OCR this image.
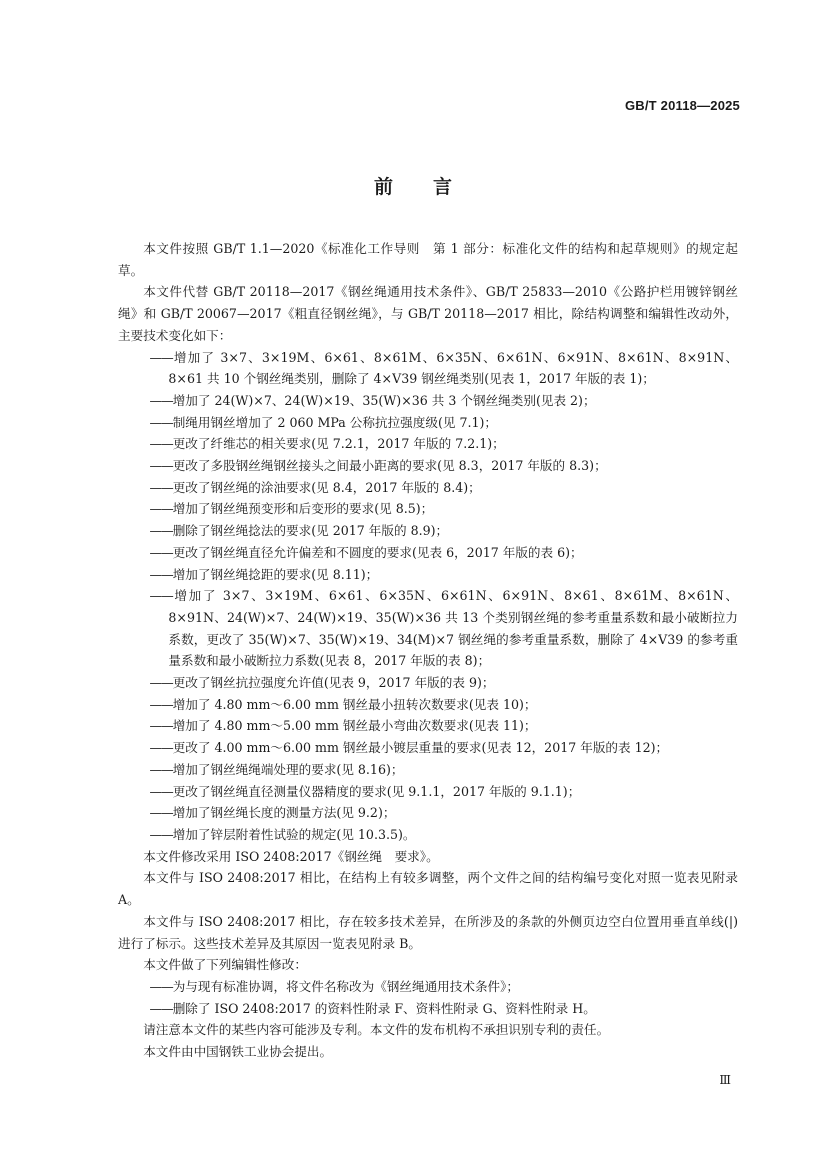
GB/T 20118—2025
前言

本文件按照 GB/T 1.1—2020《标准化工作导则　第 1 部分：标准化文件的结构和起草规则》的规定起草。

本文件代替 GB/T 20118—2017《钢丝绳通用技术条件》、GB/T 25833—2010《公路护栏用镀锌钢丝绳》和 GB/T 20067—2017《粗直径钢丝绳》，与 GB/T 20118—2017 相比，除结构调整和编辑性改动外，主要技术变化如下：

——增加了 3×7、3×19M、6×61、8×61M、6×35N、6×61N、6×91N、8×61N、8×91N、8×61 共 10 个钢丝绳类别，删除了 4×V39 钢丝绳类别(见表 1，2017 年版的表 1)；

——增加了 24(W)×7、24(W)×19、35(W)×36 共 3 个钢丝绳类别(见表 2)；

——制绳用钢丝增加了 2 060 MPa 公称抗拉强度级(见 7.1)；

——更改了纤维芯的相关要求(见 7.2.1，2017 年版的 7.2.1)；

——更改了多股钢丝绳钢丝接头之间最小距离的要求(见 8.3，2017 年版的 8.3)；

——更改了钢丝绳的涂油要求(见 8.4，2017 年版的 8.4)；

——增加了钢丝绳预变形和后变形的要求(见 8.5)；

——删除了钢丝绳捻法的要求(见 2017 年版的 8.9)；

——更改了钢丝绳直径允许偏差和不圆度的要求(见表 6，2017 年版的表 6)；

——增加了钢丝绳捻距的要求(见 8.11)；

——增加了 3×7、3×19M、6×61、6×35N、6×61N、6×91N、8×61、8×61M、8×61N、8×91N、24(W)×7、24(W)×19、35(W)×36 共 13 个类别钢丝绳的参考重量系数和最小破断拉力系数，更改了 35(W)×7、35(W)×19、34(M)×7 钢丝绳的参考重量系数，删除了 4×V39 的参考重量系数和最小破断拉力系数(见表 8，2017 年版的表 8)；

——更改了钢丝抗拉强度允许值(见表 9，2017 年版的表 9)；

——增加了 4.80 mm～6.00 mm 钢丝最小扭转次数要求(见表 10)；

——增加了 4.80 mm～5.00 mm 钢丝最小弯曲次数要求(见表 11)；

——更改了 4.00 mm～6.00 mm 钢丝最小镀层重量的要求(见表 12，2017 年版的表 12)；

——增加了钢丝绳绳端处理的要求(见 8.16)；

——更改了钢丝绳直径测量仪器精度的要求(见 9.1.1，2017 年版的 9.1.1)；

——增加了钢丝绳长度的测量方法(见 9.2)；

——增加了锌层附着性试验的规定(见 10.3.5)。

本文件修改采用 ISO 2408:2017《钢丝绳　要求》。

本文件与 ISO 2408:2017 相比，在结构上有较多调整，两个文件之间的结构编号变化对照一览表见附录 A。

本文件与 ISO 2408:2017 相比，存在较多技术差异，在所涉及的条款的外侧页边空白位置用垂直单线(|)进行了标示。这些技术差异及其原因一览表见附录 B。

本文件做了下列编辑性修改：

——为与现有标准协调，将文件名称改为《钢丝绳通用技术条件》；

——删除了 ISO 2408:2017 的资料性附录 F、资料性附录 G、资料性附录 H。

请注意本文件的某些内容可能涉及专利。本文件的发布机构不承担识别专利的责任。

本文件由中国钢铁工业协会提出。

Ⅲ
